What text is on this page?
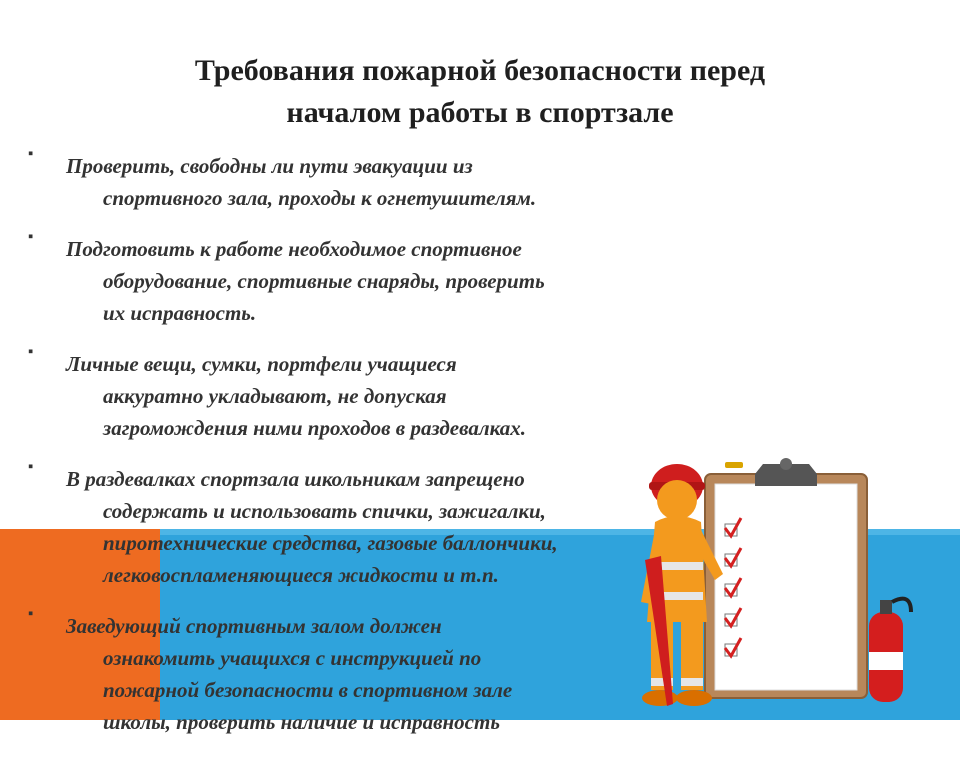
Требования пожарной безопасности перед
началом работы в спортзале
▪ Проверить, свободны ли пути эвакуации из
спортивного зала, проходы к огнетушителям.
▪ Подготовить к работе необходимое спортивное
оборудование, спортивные снаряды, проверить
их исправность.
▪ Личные вещи, сумки, портфели учащиеся
аккуратно укладывают, не допуская
загромождения ними проходов в раздевалках.
▪ В раздевалках спортзала школьникам запрещено
содержать и использовать спички, зажигалки,
пиротехнические средства, газовые баллончики,
легковоспламеняющиеся жидкости и т.п.
▪ Заведующий спортивным залом должен
ознакомить учащихся с инструкцией по
пожарной безопасности в спортивном зале
школы, проверить наличие и исправность
